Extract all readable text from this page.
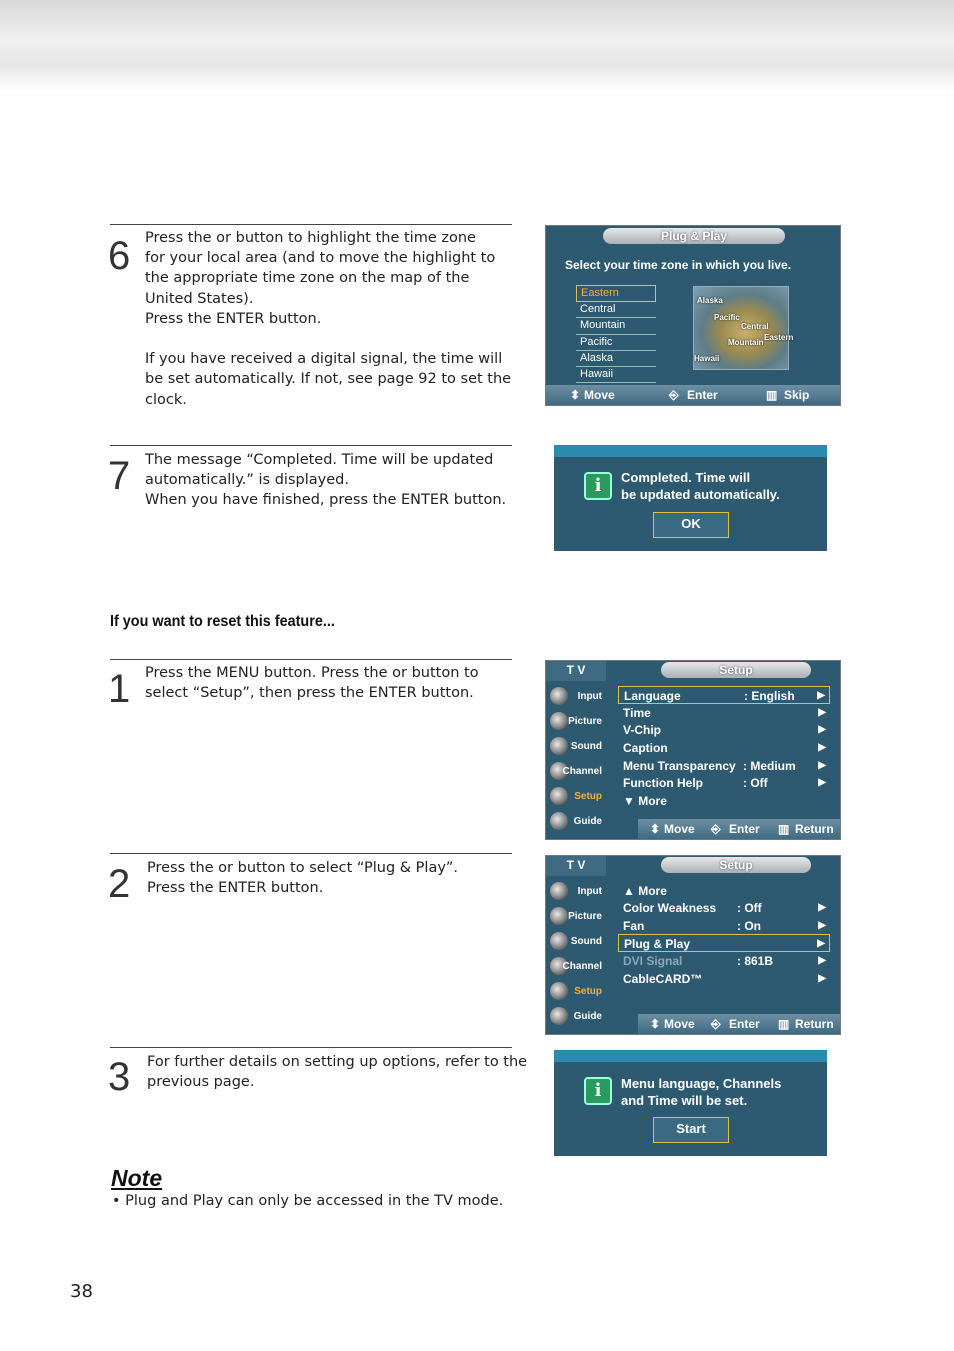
6 Press the or button to highlight the time zone
for your local area (and to move the highlight to
the appropriate time zone on the map of the
United States).
Press the ENTER button.

If you have received a digital signal, the time will
be set automatically. If not, see page 92 to set the
clock.
Plug & Play
Select your time zone in which you live.
Eastern
Central
Mountain
Pacific
Alaska
Hawaii
Alaska
Pacific
Central
Mountain
Eastern
Hawaii
⬍ Move	⎆ Enter	▥ Skip
7 The message “Completed. Time will be updated
automatically.” is displayed.
When you have finished, press the ENTER button.
i
Completed. Time will
be updated automatically.
OK
If you want to reset this feature...
1 Press the MENU button. Press the or button to
select “Setup”, then press the ENTER button.
T V	Setup
Input
Picture
Sound
Channel
Setup
Guide
Language	: English ▶
Time	▶
V-Chip	▶
Caption	▶
Menu Transparency : Medium ▶
Function Help	: Off	▶
▼ More
⬍ Move ⎆ Enter ▥ Return
2 Press the or button to select “Plug & Play”.
Press the ENTER button.
T V	Setup
Input
Picture
Sound
Channel
Setup
Guide
▲ More
Color Weakness : Off	▶
Fan	: On	▶
Plug & Play	▶
DVI Signal	: 861B	▶
CableCARD™	▶
⬍ Move ⎆ Enter ▥ Return
3 For further details on setting up options, refer to the
previous page.
i	Menu language, Channels
and Time will be set.
Start
Note
• Plug and Play can only be accessed in the TV mode.
38
